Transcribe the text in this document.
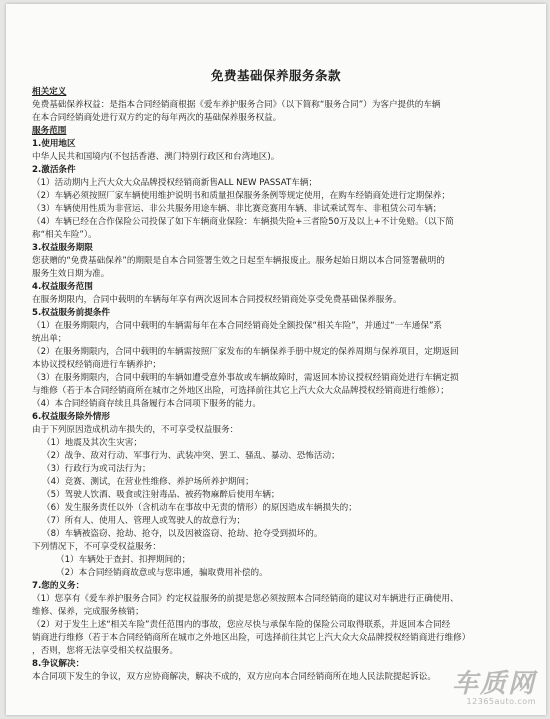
免费基础保养服务条款
相关定义
免费基础保养权益：是指本合同经销商根据《爱车养护服务合同》（以下简称“服务合同”）为客户提供的车辆
在本合同经销商处进行双方约定的每年两次的基础保养服务权益。
服务范围
1.使用地区
中华人民共和国境内(不包括香港、澳门特别行政区和台湾地区)。
2.激活条件
（1）活动期内上汽大众大众品牌授权经销商新售ALL NEW PASSAT车辆；
（2）车辆必须按照厂家车辆使用维护说明书和质量担保服务条例等规定使用，在购车经销商处进行定期保养；
（3）车辆使用性质为非营运、非公共服务用途车辆、非比赛竞赛用车辆、非试乘试驾车、非租赁公司车辆；
（4）车辆已经在合作保险公司投保了如下车辆商业保险：车辆损失险+三者险50万及以上+不计免赔。（以下简
称“相关车险”）。
3.权益服务期限
您获赠的“免费基础保养”的期限是自本合同签署生效之日起至车辆报废止。服务起始日期以本合同签署截明的
服务生效日期为准。
4.权益服务范围
在服务期限内，合同中载明的车辆每年享有两次返回本合同授权经销商处享受免费基础保养服务。
5.权益服务前提条件
（1）在服务期限内，合同中载明的车辆需每年在本合同经销商处全额投保“相关车险”，并通过“一车通保”系
统出单；
（2）在服务期限内，合同中载明的车辆需按照厂家发布的车辆保养手册中规定的保养周期与保养项目，定期返回
本协议授权经销商进行车辆养护；
（3）在服务期限内，合同中载明的车辆如遭受意外事故或车辆故障时，需返回本协议授权经销商处进行车辆定损
与维修（若于本合同经销商所在城市之外地区出险，可选择前往其它上汽大众大众品牌授权经销商进行维修）；
（4）本合同经销商存续且具备履行本合同项下服务的能力。
6.权益服务除外情形
由于下列原因造成机动车损失的，不可享受权益服务：
（1）地震及其次生灾害；
（2）战争、敌对行动、军事行为、武装冲突、罢工、骚乱、暴动、恐怖活动；
（3）行政行为或司法行为；
（4）竞赛、测试，在营业性维修、养护场所养护期间；
（5）驾驶人饮酒、吸食或注射毒品、被药物麻醉后使用车辆；
（6）发生服务责任以外（含机动车在事故中无责的情形）的原因造成车辆损失的；
（7）所有人、使用人、管理人或驾驶人的故意行为；
（8）车辆被盗窃、抢劫、抢夺，以及因被盗窃、抢劫、抢夺受到损坏的。
下列情况下，不可享受权益服务：
（1）车辆处于查封、扣押期间的；
（2）本合同经销商故意或与您串通，骗取费用补偿的。
7.您的义务：
（1）您享有《爱车养护服务合同》约定权益服务的前提是您必须按照本合同经销商的建议对车辆进行正确使用、
维修、保养，完成服务核销；
（2）对于发生上述“相关车险”责任范围内的事故，您应尽快与承保车险的保险公司取得联系，并返回本合同经
销商进行维修（若于本合同经销商所在城市之外地区出险，可选择前往其它上汽大众大众品牌授权经销商进行维修）
，否则，您将无法享受相关权益服务。
8.争议解决：
本合同项下发生的争议，双方应协商解决，解决不成的，双方应向本合同经销商所在地人民法院提起诉讼。 车质网
12365auto.com
